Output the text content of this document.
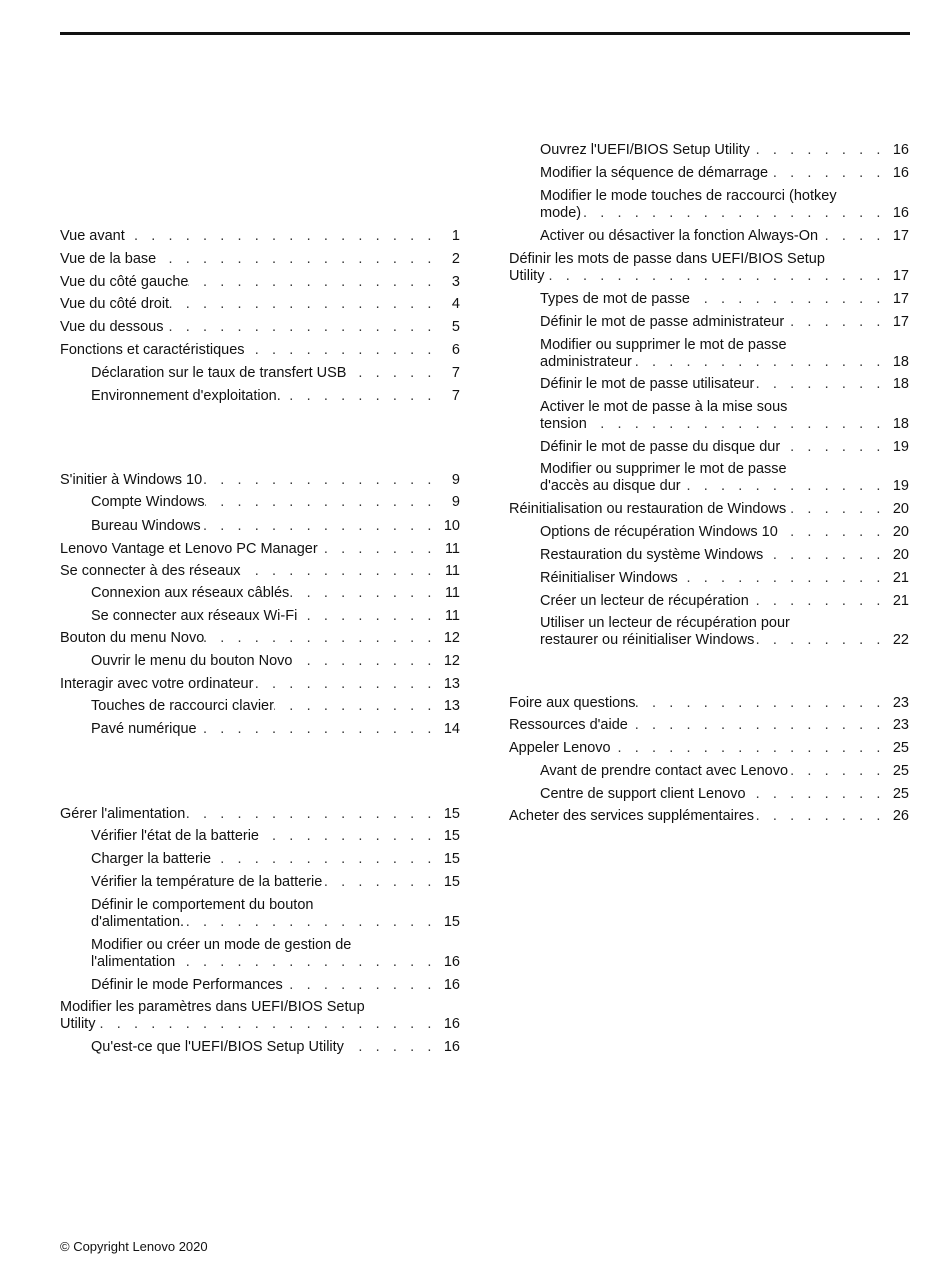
Vue avant . . .	1
Vue de la base . . .	2
Vue du côté gauche . . .	3
Vue du côté droit . . .	4
Vue du dessous . . .	5
Fonctions et caractéristiques . . .	6
Déclaration sur le taux de transfert USB . . .	7
Environnement d'exploitation. . . .	7
S'initier à Windows 10 . . .	9
Compte Windows . . .	9
Bureau Windows . . .	10
Lenovo Vantage et Lenovo PC Manager . . .	11
Se connecter à des réseaux . . .	11
Connexion aux réseaux câblés . . .	11
Se connecter aux réseaux Wi-Fi . . .	11
Bouton du menu Novo . . .	12
Ouvrir le menu du bouton Novo . . .	12
Interagir avec votre ordinateur . . .	13
Touches de raccourci clavier . . .	13
Pavé numérique . . .	14
Gérer l'alimentation . . .	15
Vérifier l'état de la batterie . . .	15
Charger la batterie . . .	15
Vérifier la température de la batterie . . .	15
Définir le comportement du bouton
d'alimentation. . . .	15
Modifier ou créer un mode de gestion de
l'alimentation . . .	16
Définir le mode Performances . . .	16
Modifier les paramètres dans UEFI/BIOS Setup
Utility . . .	16
Qu'est-ce que l'UEFI/BIOS Setup Utility . . .	16
Ouvrez l'UEFI/BIOS Setup Utility . . .	16
Modifier la séquence de démarrage . . .	16
Modifier le mode touches de raccourci (hotkey
mode) . . .	16
Activer ou désactiver la fonction Always-On . . .	17
Définir les mots de passe dans UEFI/BIOS Setup
Utility . . .	17
Types de mot de passe . . .	17
Définir le mot de passe administrateur . . .	17
Modifier ou supprimer le mot de passe
administrateur . . .	18
Définir le mot de passe utilisateur . . .	18
Activer le mot de passe à la mise sous
tension . . .	18
Définir le mot de passe du disque dur . . .	19
Modifier ou supprimer le mot de passe
d'accès au disque dur . . .	19
Réinitialisation ou restauration de Windows . . .	20
Options de récupération Windows 10 . . .	20
Restauration du système Windows . . .	20
Réinitialiser Windows . . .	21
Créer un lecteur de récupération . . .	21
Utiliser un lecteur de récupération pour
restaurer ou réinitialiser Windows . . .	22
Foire aux questions . . .	23
Ressources d'aide . . .	23
Appeler Lenovo . . .	25
Avant de prendre contact avec Lenovo . . .	25
Centre de support client Lenovo . . .	25
Acheter des services supplémentaires . . .	26
© Copyright Lenovo 2020
